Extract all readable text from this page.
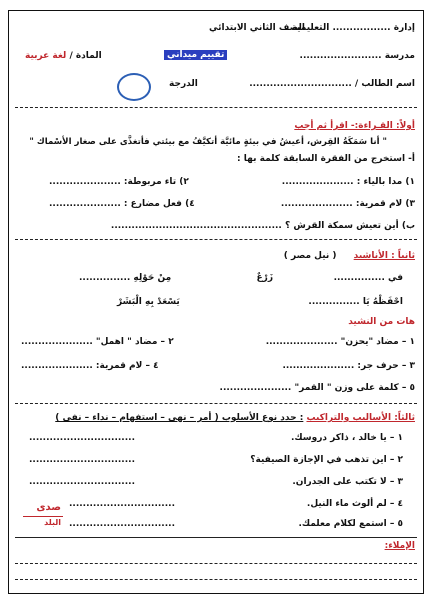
إدارة ................. التعليمية
الصف الثاني الابتدائي
مدرسة ........................
تقييم ميداني
المادة / لغة عربية
اسم الطالب / ..............................
الدرجة
أولاً: القـراءة:- اقرأ ثم أجب
" أنا سَمَكَةُ القِرش، أعيشُ في بيئةٍ مائيَّة أتكيَّفُ مع بيئتي فأتغذَّى على صغار الأسْماك "
أ- استخرج من الفقرة السابقة كلمة بها :
١) مدا بالياء : .....................
٢) تاء مربوطة: .....................
٣) لام قمرية: .....................
٤) فعل مضارع : .....................
ب) أين تعيش سمكة القرش ؟ ..................................................
ثانياً : الأناشيد ( نيل مصر )
في ...............
زَرْعٌ
مِنْ حَوْلِهِ ...............
احْفَظْهُ يَا ...............
يَسْعَدْ بِهِ الْبَشَرْ
هات من النشيد
١ – مضاد "يحزن" .....................
٢ – مضاد " اهمل" .....................
٣ – حرف جر: .....................
٤ – لام قمرية: .....................
٥ – كلمة على وزن " القمر" .....................
ثالثاً: الأساليب والتراكيب : حدد نوع الأسلوب ( أمر – نهى – استفهام – نداء – نفى )
١ – يا خالد ، ذاكر دروسك.
...............................
٢ – اين تذهب في الإجازة الصيفية؟
...............................
٣ – لا تكتب على الجدران.
...............................
٤ – لم ألوث ماء النيل.
...............................
٥ – استمع لكلام معلمك.
...............................
صدى
البلد
الإملاء:
